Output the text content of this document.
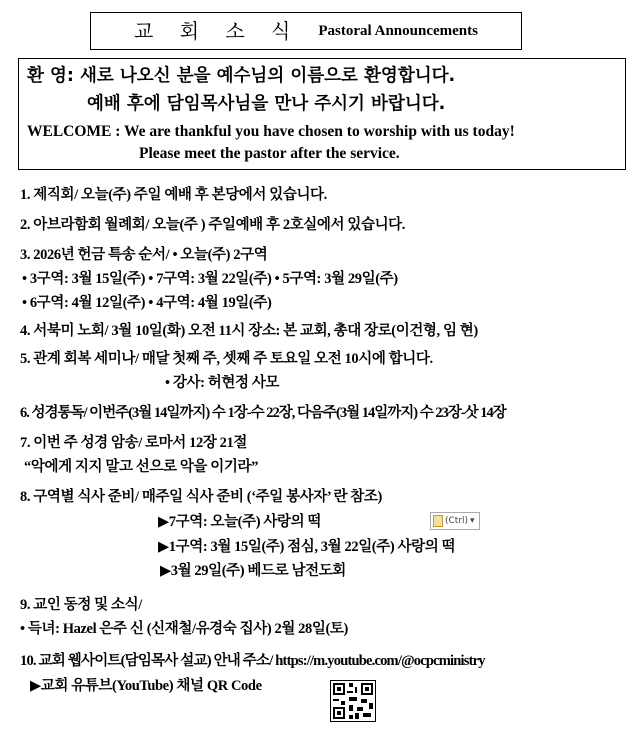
교 회 소 식 Pastoral Announcements
환 영: 새로 나오신 분을 예수님의 이름으로 환영합니다.
예배 후에 담임목사님을 만나 주시기 바랍니다.
WELCOME : We are thankful you have chosen to worship with us today!
Please meet the pastor after the service.
1. 제직회/ 오늘(주) 주일 예배 후 본당에서 있습니다.
2. 아브라함회 월례회/ 오늘(주 ) 주일예배 후 2호실에서 있습니다.
3. 2026년 헌금 특송 순서/ • 오늘(주) 2구역
• 3구역: 3월 15일(주) • 7구역: 3월 22일(주) • 5구역: 3월 29일(주)
• 6구역: 4월 12일(주) • 4구역: 4월 19일(주)
4. 서북미 노회/ 3월 10일(화) 오전 11시 장소: 본 교회, 총대 장로(이건형, 임 현)
5. 관계 회복 세미나/ 매달 첫째 주, 셋째 주 토요일 오전 10시에 합니다.
• 강사: 허현정 사모
6. 성경통독/ 이번주(3월 14일까지) 수 1장-수 22장, 다음주(3월 14일까지) 수 23장-삿 14장
7. 이번 주 성경 암송/ 로마서 12장 21절
“악에게 지지 말고 선으로 악을 이기라”
8. 구역별 식사 준비/ 매주일 식사 준비 (‘주일 봉사자’ 란 참조)
▶7구역: 오늘(주) 사랑의 떡
▶1구역: 3월 15일(주) 점심, 3월 22일(주) 사랑의 떡
▶3월 29일(주) 베드로 남전도회
9. 교인 동정 및 소식/
• 득녀: Hazel 은주 신 (신재철/유경숙 집사) 2월 28일(토)
10. 교회 웹사이트(담임목사 설교) 안내 주소/ https://m.youtube.com/@ocpcministry
▶교회 유튜브(YouTube) 채널 QR Code
(Ctrl) ▾
